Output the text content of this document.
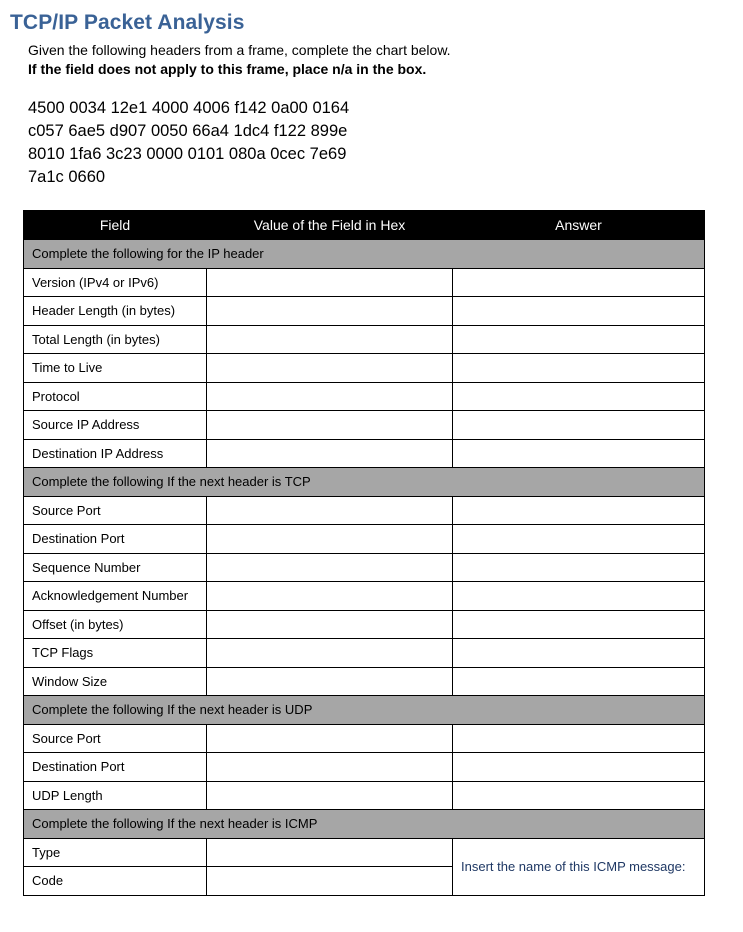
TCP/IP Packet Analysis
Given the following headers from a frame, complete the chart below.
If the field does not apply to this frame, place n/a in the box.
4500 0034 12e1 4000 4006 f142 0a00 0164
c057 6ae5 d907 0050 66a4 1dc4 f122 899e
8010 1fa6 3c23 0000 0101 080a 0cec 7e69
7a1c 0660
Field	Value of the Field in Hex	Answer
Complete the following for the IP header		
Version (IPv4 or IPv6)		
Header Length (in bytes)		
Total Length (in bytes)		
Time to Live		
Protocol		
Source IP Address		
Destination IP Address		
Complete the following If the next header is TCP		
Source Port		
Destination Port		
Sequence Number		
Acknowledgement Number		
Offset (in bytes)		
TCP Flags		
Window Size		
Complete the following If the next header is UDP		
Source Port		
Destination Port		
UDP Length		
Complete the following If the next header is ICMP		
Type		Insert the name of this ICMP message:
Code		
